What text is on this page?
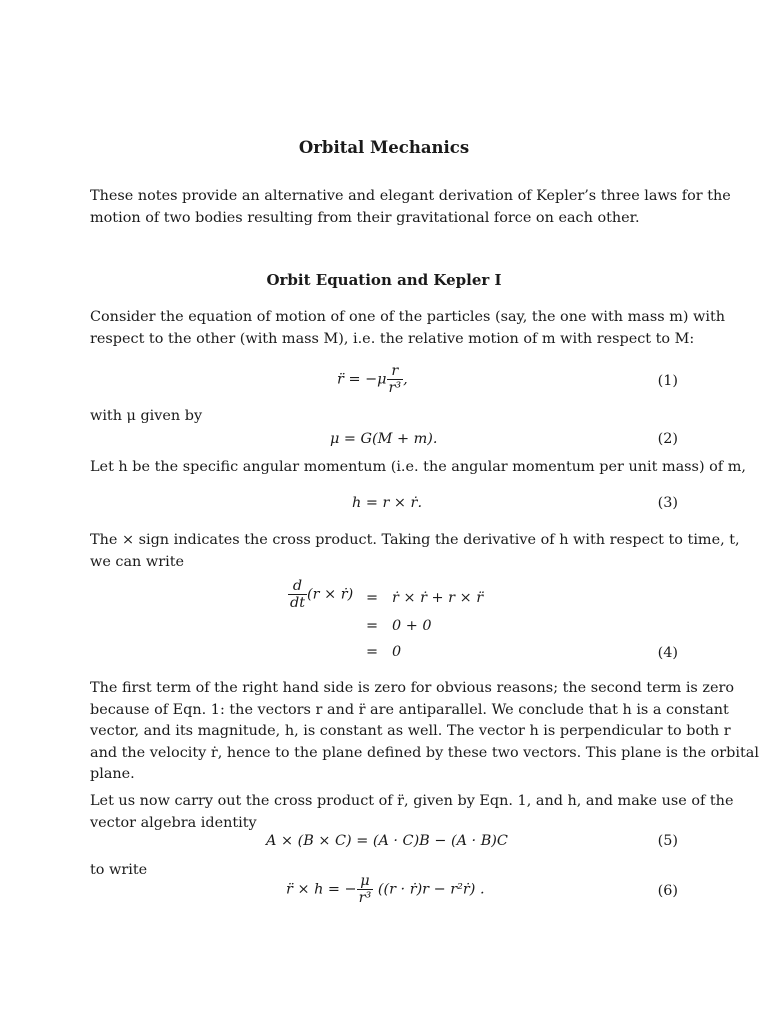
Orbital Mechanics
These notes provide an alternative and elegant derivation of Kepler’s three laws for the
motion of two bodies resulting from their gravitational force on each other.
Orbit Equation and Kepler I
Consider the equation of motion of one of the particles (say, the one with mass m) with
respect to the other (with mass M), i.e. the relative motion of m with respect to M:
r̈ = $-\mu \frac{r}{\text{r³}}$ ,	(1)
with μ given by
μ = G(M + m).	(2)
Let h be the specific angular momentum (i.e. the angular momentum per unit mass) of m,
h = r × ṙ.	(3)
The × sign indicates the cross product. Taking the derivative of h with respect to time, t,
we can write
$\frac{d}{dt} (r$ × ṙ) = ṙ × ṙ + r × r̈
= 0 + 0
= 0	(4)
The first term of the right hand side is zero for obvious reasons; the second term is zero
because of Eqn. 1: the vectors r and r̈ are antiparallel. We conclude that h is a constant
vector, and its magnitude, h, is constant as well. The vector h is perpendicular to both r
and the velocity ṙ, hence to the plane defined by these two vectors. This plane is the orbital
plane.
Let us now carry out the cross product of r̈, given by Eqn. 1, and h, and make use of the
vector algebra identity
A × (B × C) = (A · C)B − (A · B)C	(5)
to write
r̈ × h = − $\frac{\mu}{\text{r³}} ((r$ · ṙ)r − r²ṙ) .	(6)
